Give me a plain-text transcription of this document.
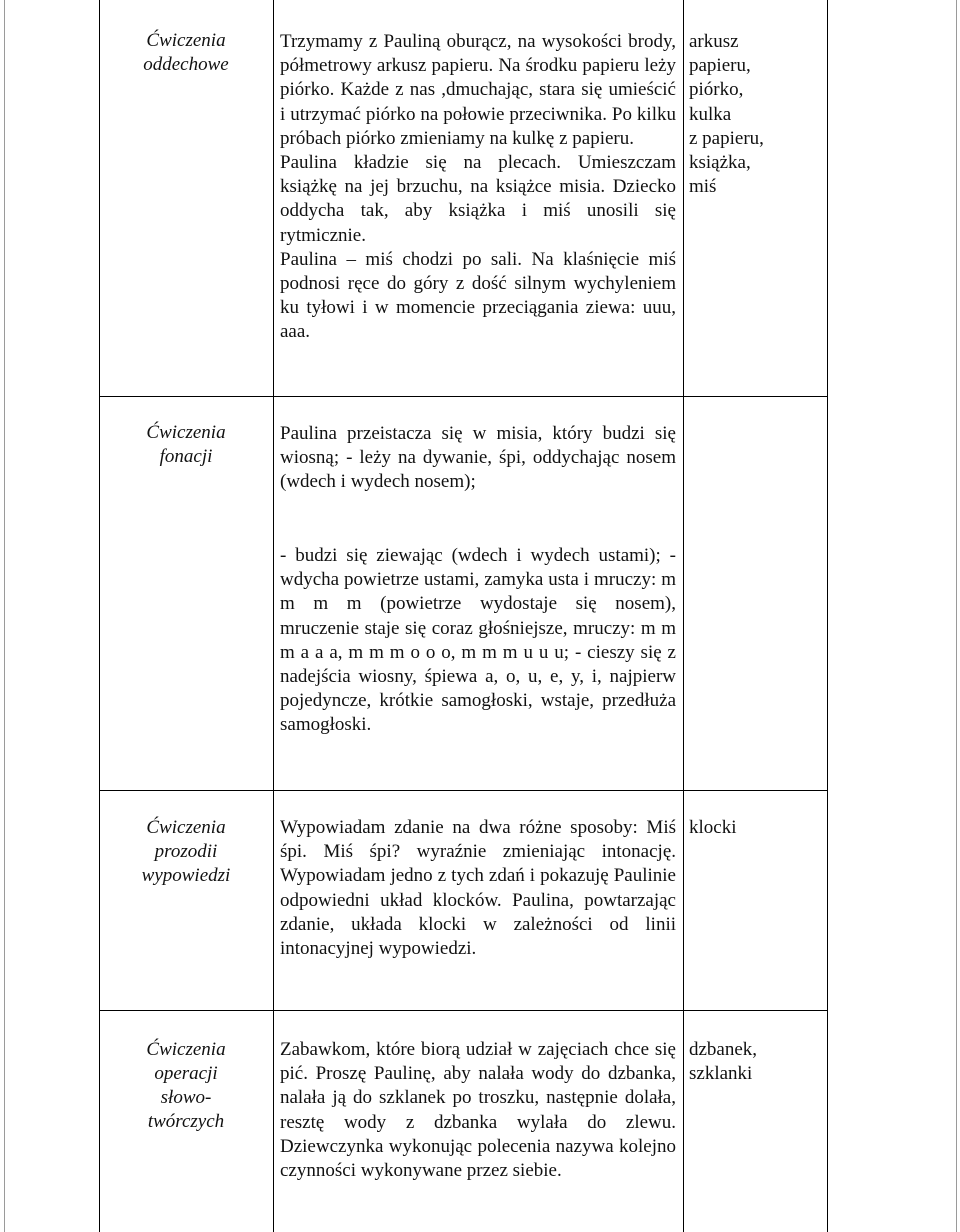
Ćwiczenia
oddechowe

Trzymamy z Pauliną oburącz, na wysokości brody, półmetrowy arkusz papieru. Na środku papieru leży piórko. Każde z nas ,dmuchając, stara się umieścić i utrzymać piórko na połowie przeciwnika. Po kilku próbach piórko zmieniamy na kulkę z papieru.

Paulina kładzie się na plecach. Umieszczam książkę na jej brzuchu, na książce misia. Dziecko oddycha tak, aby książka i miś unosili się rytmicznie.

Paulina – miś chodzi po sali. Na klaśnięcie miś podnosi ręce do góry z dość silnym wychyleniem ku tyłowi i w momencie przeciągania ziewa: uuu, aaa.

arkusz
papieru,
piórko,
kulka
z papieru,
książka,
miś
Ćwiczenia
fonacji

Paulina przeistacza się w misia, który budzi się wiosną; - leży na dywanie, śpi, oddychając nosem (wdech i wydech nosem);

- budzi się ziewając (wdech i wydech ustami); - wdycha powietrze ustami, zamyka usta i mruczy: m m m m (powietrze wydostaje się nosem), mruczenie staje się coraz głośniejsze, mruczy: m m m a a a, m m m o o o, m m m u u u; - cieszy się z nadejścia wiosny, śpiewa a, o, u, e, y, i, najpierw pojedyncze, krótkie samogłoski, wstaje, przedłuża samogłoski.

Ćwiczenia
prozodii
wypowiedzi

Wypowiadam zdanie na dwa różne sposoby: Miś śpi. Miś śpi? wyraźnie zmieniając intonację. Wypowiadam jedno z tych zdań i pokazuję Paulinie odpowiedni układ klocków. Paulina, powtarzając zdanie, układa klocki w zależności od linii intonacyjnej wypowiedzi.

klocki
Ćwiczenia
operacji
słowo-
twórczych

Zabawkom, które biorą udział w zajęciach chce się pić. Proszę Paulinę, aby nalała wody do dzbanka, nalała ją do szklanek po troszku, następnie dolała, resztę wody z dzbanka wylała do zlewu. Dziewczynka wykonując polecenia nazywa kolejno czynności wykonywane przez siebie.

dzbanek,
szklanki
